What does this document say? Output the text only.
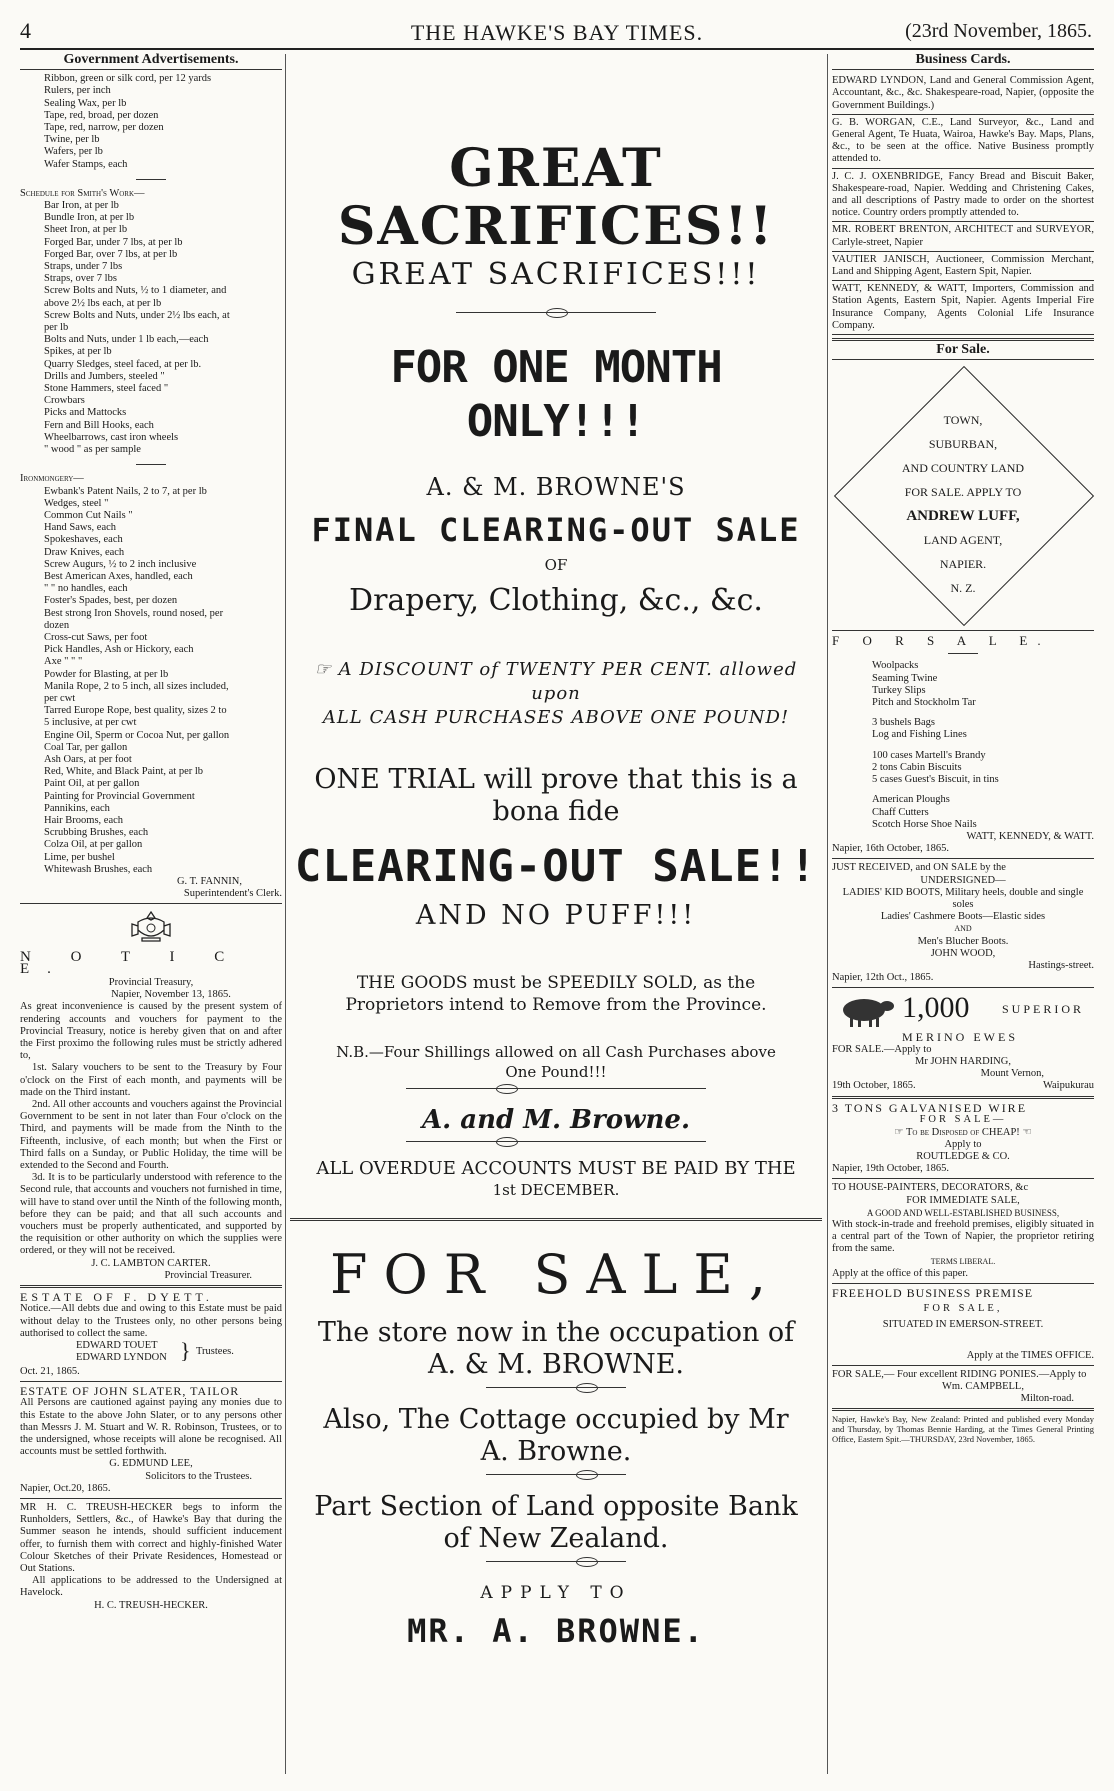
4	THE HAWKE'S BAY TIMES.	(23rd November, 1865.
Government Advertisements.
Ribbon, green or silk cord, per 12 yards
Rulers, per inch
Sealing Wax, per lb
Tape, red, broad, per dozen
Tape, red, narrow, per dozen
Twine, per lb
Wafers, per lb
Wafer Stamps, each
Schedule for Smith's Work—
Bar Iron, at per lb
Bundle Iron, at per lb
Sheet Iron, at per lb
Forged Bar, under 7 lbs, at per lb
Forged Bar, over 7 lbs, at per lb
Straps, under 7 lbs
Straps, over 7 lbs
Screw Bolts and Nuts, ½ to 1 diameter, and
above 2½ lbs each, at per lb
Screw Bolts and Nuts, under 2½ lbs each, at
per lb
Bolts and Nuts, under 1 lb each,—each
Spikes, at per lb
Quarry Sledges, steel faced, at per lb.
Drills and Jumbers, steeled "
Stone Hammers, steel faced "
Crowbars
Picks and Mattocks
Fern and Bill Hooks, each
Wheelbarrows, cast iron wheels
" wood " as per sample
Ironmongery—
Ewbank's Patent Nails, 2 to 7, at per lb
Wedges, steel "
Common Cut Nails "
Hand Saws, each
Spokeshaves, each
Draw Knives, each
Screw Augurs, ½ to 2 inch inclusive
Best American Axes, handled, each
" " no handles, each
Foster's Spades, best, per dozen
Best strong Iron Shovels, round nosed, per
dozen
Cross-cut Saws, per foot
Pick Handles, Ash or Hickory, each
Axe " " "
Powder for Blasting, at per lb
Manila Rope, 2 to 5 inch, all sizes included,
per cwt
Tarred Europe Rope, best quality, sizes 2 to
5 inclusive, at per cwt
Engine Oil, Sperm or Cocoa Nut, per gallon
Coal Tar, per gallon
Ash Oars, at per foot
Red, White, and Black Paint, at per lb
Paint Oil, at per gallon
Painting for Provincial Government
Pannikins, each
Hair Brooms, each
Scrubbing Brushes, each
Colza Oil, at per gallon
Lime, per bushel
Whitewash Brushes, each
G. T. FANNIN,
Superintendent's Clerk.
N O T I C E.
Provincial Treasury,
Napier, November 13, 1865.
As great inconvenience is caused by the present system of rendering accounts and vouchers for payment to the Provincial Treasury, notice is hereby given that on and after the First proximo the following rules must be strictly adhered to,
1st. Salary vouchers to be sent to the Treasury by Four o'clock on the First of each month, and payments will be made on the Third instant.
2nd. All other accounts and vouchers against the Provincial Government to be sent in not later than Four o'clock on the Third, and payments will be made from the Ninth to the Fifteenth, inclusive, of each month; but when the First or Third falls on a Sunday, or Public Holiday, the time will be extended to the Second and Fourth.
3d. It is to be particularly understood with reference to the Second rule, that accounts and vouchers not furnished in time, will have to stand over until the Ninth of the following month, before they can be paid; and that all such accounts and vouchers must be properly authenticated, and supported by the requisition or other authority on which the supplies were ordered, or they will not be received.
J. C. LAMBTON CARTER.
Provincial Treasurer.
ESTATE OF F. DYETT.
Notice.—All debts due and owing to this Estate must be paid without delay to the Trustees only, no other persons being authorised to collect the same.
EDWARD TOUET
EDWARD LYNDON } Trustees.
Oct. 21, 1865.
ESTATE OF JOHN SLATER, TAILOR
All Persons are cautioned against paying any monies due to this Estate to the above John Slater, or to any persons other than Messrs J. M. Stuart and W. R. Robinson, Trustees, or to the undersigned, whose receipts will alone be recognised. All accounts must be settled forthwith.
G. EDMUND LEE,
Solicitors to the Trustees.
Napier, Oct.20, 1865.
MR H. C. TREUSH-HECKER begs to inform the Runholders, Settlers, &c., of Hawke's Bay that during the Summer season he intends, should sufficient inducement offer, to furnish them with correct and highly-finished Water Colour Sketches of their Private Residences, Homestead or Out Stations.
All applications to be addressed to the Undersigned at Havelock.
H. C. TREUSH-HECKER.
GREAT SACRIFICES!!
GREAT SACRIFICES!!!
FOR ONE MONTH ONLY!!!
A. & M. BROWNE'S
FINAL CLEARING-OUT SALE
OF
Drapery, Clothing, &c., &c.
☞ A DISCOUNT of TWENTY PER CENT. allowed upon
ALL CASH PURCHASES ABOVE ONE POUND!
ONE TRIAL will prove that this is a bona fide
CLEARING-OUT SALE!!
AND NO PUFF!!!
THE GOODS must be SPEEDILY SOLD, as the Proprietors intend to Remove from the Province.
N.B.—Four Shillings allowed on all Cash Purchases above One Pound!!!
A. and M. Browne.
ALL OVERDUE ACCOUNTS MUST BE PAID BY THE
1st DECEMBER.
FOR SALE,
The store now in the occupation of
A. & M. BROWNE.
Also, The Cottage occupied by Mr A. Browne.
Part Section of Land opposite Bank of New Zealand.
APPLY TO
MR. A. BROWNE.
Business Cards.
EDWARD LYNDON, Land and General Commission Agent, Accountant, &c., &c. Shakespeare-road, Napier, (opposite the Government Buildings.)
G. B. WORGAN, C.E., Land Surveyor, &c., Land and General Agent, Te Huata, Wairoa, Hawke's Bay. Maps, Plans, &c., to be seen at the office. Native Business promptly attended to.
J. C. J. OXENBRIDGE, Fancy Bread and Biscuit Baker, Shakespeare-road, Napier. Wedding and Christening Cakes, and all descriptions of Pastry made to order on the shortest notice. Country orders promptly attended to.
MR. ROBERT BRENTON, ARCHITECT and SURVEYOR, Carlyle-street, Napier
VAUTIER JANISCH, Auctioneer, Commission Merchant, Land and Shipping Agent, Eastern Spit, Napier.
WATT, KENNEDY, & WATT, Importers, Commission and Station Agents, Eastern Spit, Napier. Agents Imperial Fire Insurance Company, Agents Colonial Life Insurance Company.
For Sale.
TOWN,
SUBURBAN,
AND COUNTRY LAND
FOR SALE. APPLY TO
ANDREW LUFF,
LAND AGENT,
NAPIER.
N. Z.
F O R S A L E.
Woolpacks
Seaming Twine
Turkey Slips
Pitch and Stockholm Tar
3 bushels Bags
Log and Fishing Lines
100 cases Martell's Brandy
2 tons Cabin Biscuits
5 cases Guest's Biscuit, in tins
American Ploughs
Chaff Cutters
Scotch Horse Shoe Nails
WATT, KENNEDY, & WATT.
Napier, 16th October, 1865.
JUST RECEIVED, and ON SALE by the
UNDERSIGNED—
LADIES' KID BOOTS, Military heels, double and single soles
Ladies' Cashmere Boots—Elastic sides
AND
Men's Blucher Boots.
JOHN WOOD,
Hastings-street.
Napier, 12th Oct., 1865.
1,000	SUPERIOR
MERINO EWES
FOR SALE.—Apply to
Mr JOHN HARDING,
Mount Vernon,
19th October, 1865.	Waipukurau
3 TONS GALVANISED WIRE
FOR SALE—
☞ To be Disposed of CHEAP! ☜
Apply to
ROUTLEDGE & CO.
Napier, 19th October, 1865.
TO HOUSE-PAINTERS, DECORATORS, &c
FOR IMMEDIATE SALE,
A GOOD AND WELL-ESTABLISHED BUSINESS,
With stock-in-trade and freehold premises, eligibly situated in a central part of the Town of Napier, the proprietor retiring from the same.
TERMS LIBERAL.
Apply at the office of this paper.
FREEHOLD BUSINESS PREMISE
FOR SALE,
SITUATED IN EMERSON-STREET.
Apply at the TIMES OFFICE.
FOR SALE,— Four excellent RIDING PONIES.—Apply to
Wm. CAMPBELL,
Milton-road.
Napier, Hawke's Bay, New Zealand: Printed and published every Monday and Thursday, by Thomas Bennie Harding, at the Times General Printing Office, Eastern Spit.—THURSDAY, 23rd November, 1865.
